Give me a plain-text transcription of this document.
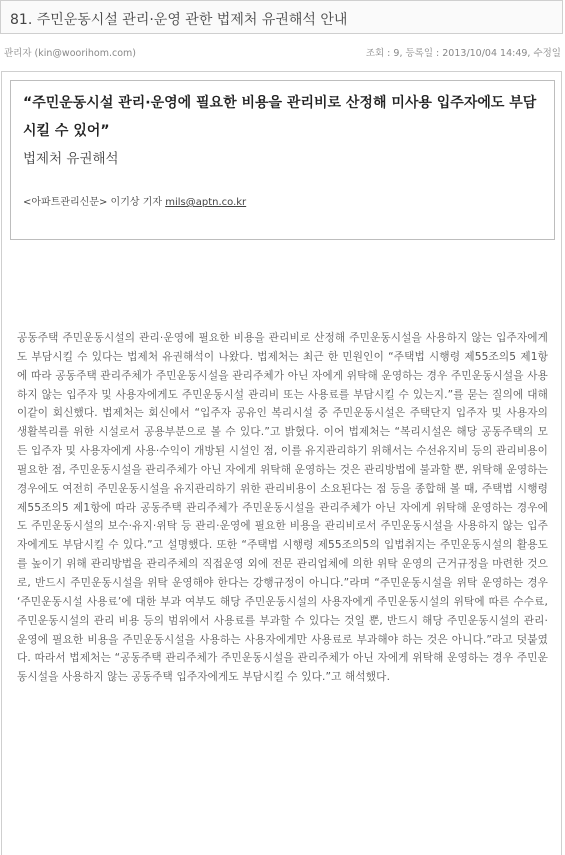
81. 주민운동시설 관리·운영 관한 법제처 유권해석 안내
관리자 (kin@woorihom.com)	조회 : 9, 등록일 : 2013/10/04 14:49, 수정일
“주민운동시설 관리·운영에 필요한 비용을 관리비로 산정해 미사용 입주자에도 부담시킬 수 있어”
법제처 유권해석
<아파트관리신문> 이기상 기자 mils@aptn.co.kr
공동주택 주민운동시설의 관리·운영에 필요한 비용을 관리비로 산정해 주민운동시설을 사용하지 않는 입주자에게도 부담시킬 수 있다는 법제처 유권해석이 나왔다. 법제처는 최근 한 민원인이 “주택법 시행령 제55조의5 제1항에 따라 공동주택 관리주체가 주민운동시설을 관리주체가 아닌 자에게 위탁해 운영하는 경우 주민운동시설을 사용하지 않는 입주자 및 사용자에게도 주민운동시설 관리비 또는 사용료를 부담시킬 수 있는지.”를 묻는 질의에 대해 이같이 회신했다. 법제처는 회신에서 “입주자 공유인 복리시설 중 주민운동시설은 주택단지 입주자 및 사용자의 생활복리를 위한 시설로서 공용부분으로 볼 수 있다.”고 밝혔다. 이어 법제처는 “복리시설은 해당 공동주택의 모든 입주자 및 사용자에게 사용·수익이 개방된 시설인 점, 이를 유지관리하기 위해서는 수선유지비 등의 관리비용이 필요한 점, 주민운동시설을 관리주체가 아닌 자에게 위탁해 운영하는 것은 관리방법에 불과할 뿐, 위탁해 운영하는 경우에도 여전히 주민운동시설을 유지관리하기 위한 관리비용이 소요된다는 점 등을 종합해 볼 때, 주택법 시행령 제55조의5 제1항에 따라 공동주택 관리주체가 주민운동시설을 관리주체가 아닌 자에게 위탁해 운영하는 경우에도 주민운동시설의 보수·유지·위탁 등 관리·운영에 필요한 비용을 관리비로서 주민운동시설을 사용하지 않는 입주자에게도 부담시킬 수 있다.”고 설명했다. 또한 “주택법 시행령 제55조의5의 입법취지는 주민운동시설의 활용도를 높이기 위해 관리방법을 관리주체의 직접운영 외에 전문 관리업체에 의한 위탁 운영의 근거규정을 마련한 것으로, 반드시 주민운동시설을 위탁 운영해야 한다는 강행규정이 아니다.”라며 “주민운동시설을 위탁 운영하는 경우 ‘주민운동시설 사용료’에 대한 부과 여부도 해당 주민운동시설의 사용자에게 주민운동시설의 위탁에 따른 수수료, 주민운동시설의 관리 비용 등의 범위에서 사용료를 부과할 수 있다는 것일 뿐, 반드시 해당 주민운동시설의 관리·운영에 필요한 비용을 주민운동시설을 사용하는 사용자에게만 사용료로 부과해야 하는 것은 아니다.”라고 덧붙였다. 따라서 법제처는 “공동주택 관리주체가 주민운동시설을 관리주체가 아닌 자에게 위탁해 운영하는 경우 주민운동시설을 사용하지 않는 공동주택 입주자에게도 부담시킬 수 있다.”고 해석했다.
